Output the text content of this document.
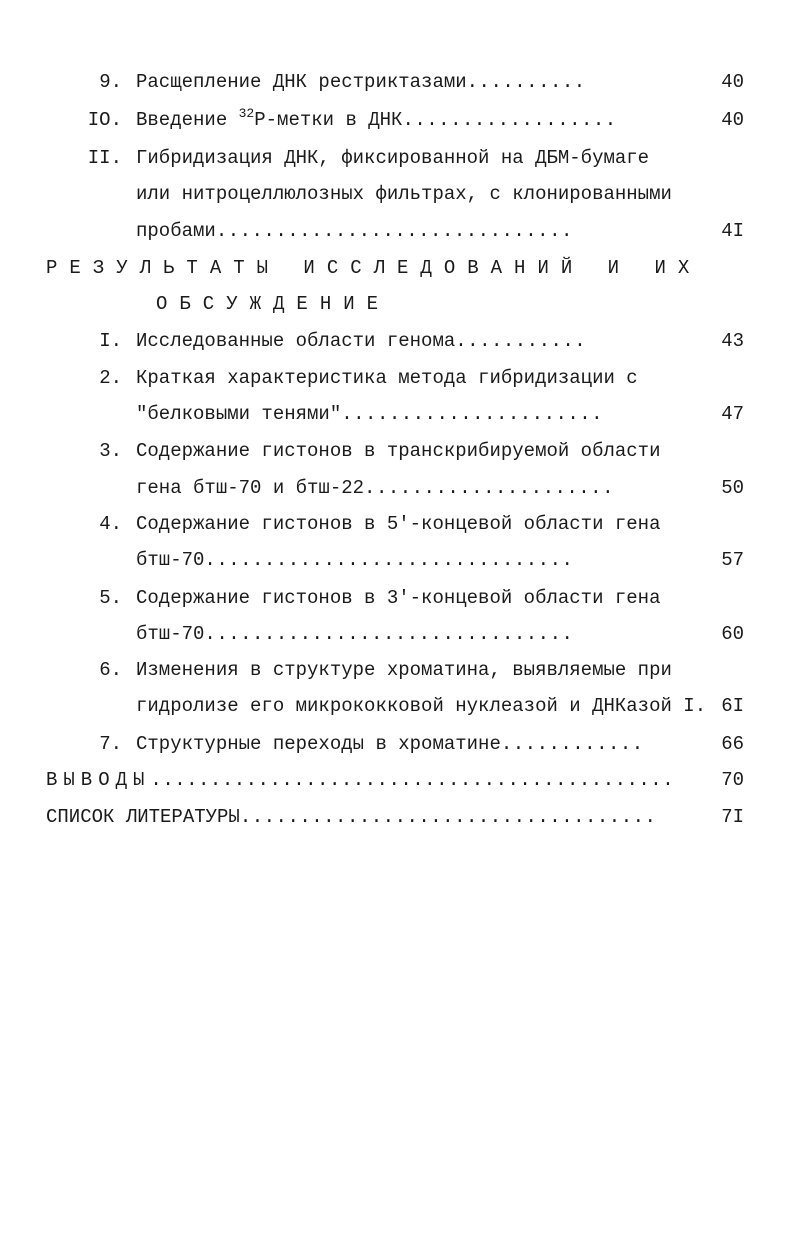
9. Расщепление ДНК рестриктазами..........	40
IO. Введение $^{32}$Р-метки в ДНК..................	40
II. Гибридизация ДНК, фиксированной на ДБМ-бумаге
или нитроцеллюлозных фильтрах, с клонированными
пробами..............................	4I
РЕЗУЛЬТАТЫ ИССЛЕДОВАНИЙ И ИХ
ОБСУЖДЕНИЕ
I. Исследованные области генома...........	43
2. Краткая характеристика метода гибридизации с
"белковыми тенями"......................	47
3. Содержание гистонов в транскрибируемой области
гена бтш-70 и бтш-22.....................	50
4. Содержание гистонов в 5'-концевой области гена
бтш-70...............................	57
5. Содержание гистонов в 3'-концевой области гена
бтш-70...............................	60
6. Изменения в структуре хроматина, выявляемые при
гидролизе его микрококковой нуклеазой и ДНКазой I. 6I
7. Структурные переходы в хроматине............	66
ВЫВОДЫ............................................	70
СПИСОК ЛИТЕРАТУРЫ...................................	7I
